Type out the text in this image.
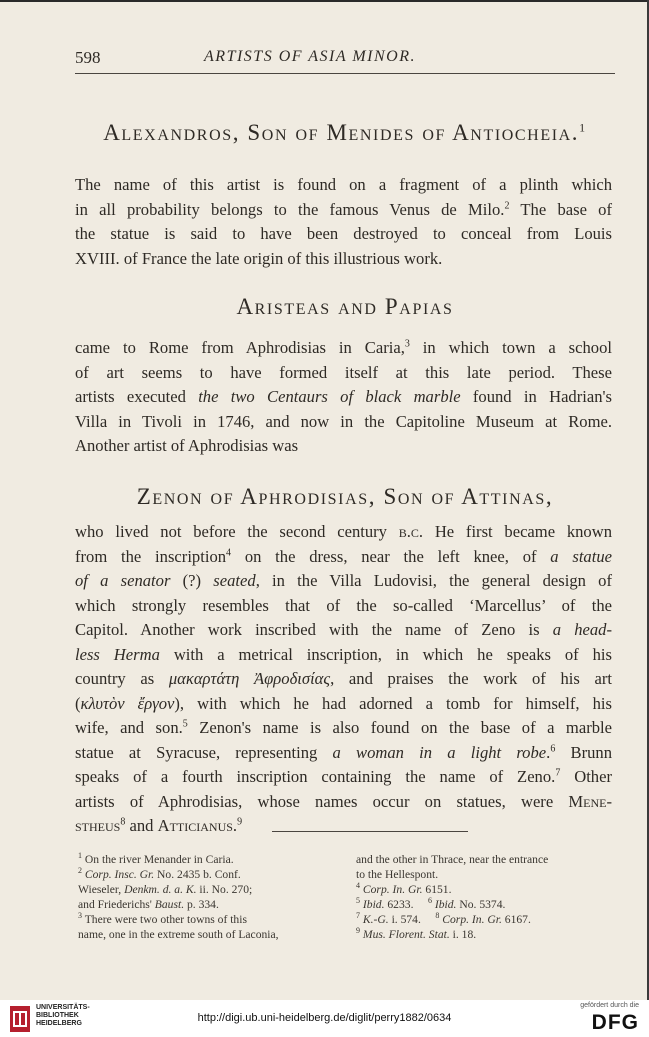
598	ARTISTS OF ASIA MINOR.
Alexandros, Son of Menides of Antiocheia.$^1$
The name of this artist is found on a fragment of a plinth which
in all probability belongs to the famous Venus de Milo.$^2$ The base of
the statue is said to have been destroyed to conceal from Louis
XVIII. of France the late origin of this illustrious work.
Aristeas and Papias
came to Rome from Aphrodisias in Caria,$^3$ in which town a school
of art seems to have formed itself at this late period. These
artists executed the two Centaurs of black marble found in Hadrian's
Villa in Tivoli in 1746, and now in the Capitoline Museum at Rome.
Another artist of Aphrodisias was
Zenon of Aphrodisias, Son of Attinas,
who lived not before the second century b.c. He first became known
from the inscription$^4$ on the dress, near the left knee, of a statue
of a senator (?) seated, in the Villa Ludovisi, the general design of
which strongly resembles that of the so-called ‘Marcellus’ of the
Capitol. Another work inscribed with the name of Zeno is a head-
less Herma with a metrical inscription, in which he speaks of his
country as μακαρτάτη Ἀφροδισίας, and praises the work of his art
(κλυτὸν ἔργον), with which he had adorned a tomb for himself, his
wife, and son.$^5$ Zenon's name is also found on the base of a marble
statue at Syracuse, representing a woman in a light robe.$^6$ Brunn
speaks of a fourth inscription containing the name of Zeno.$^7$ Other
artists of Aphrodisias, whose names occur on statues, were Mene-
stheus$^8$ and Atticianus.$^9$
$^1$ On the river Menander in Caria.
$^2$ Corp. Insc. Gr. No. 2435 b. Conf.
Wieseler, Denkm. d. a. K. ii. No. 270;
and Friederichs' Baust. p. 334.
$^3$ There were two other towns of this
name, one in the extreme south of Laconia,
and the other in Thrace, near the entrance
to the Hellespont.
$^4$ Corp. In. Gr. 6151.
$^5$ Ibid. 6233.     $^6$ Ibid. No. 5374.
$^7$ K.-G. i. 574.     $^8$ Corp. In. Gr. 6167.
$^9$ Mus. Florent. Stat. i. 18.
UNIVERSITÄTS-
BIBLIOTHEK
HEIDELBERG	http://digi.ub.uni-heidelberg.de/diglit/perry1882/0634
gefördert durch die
DFG
